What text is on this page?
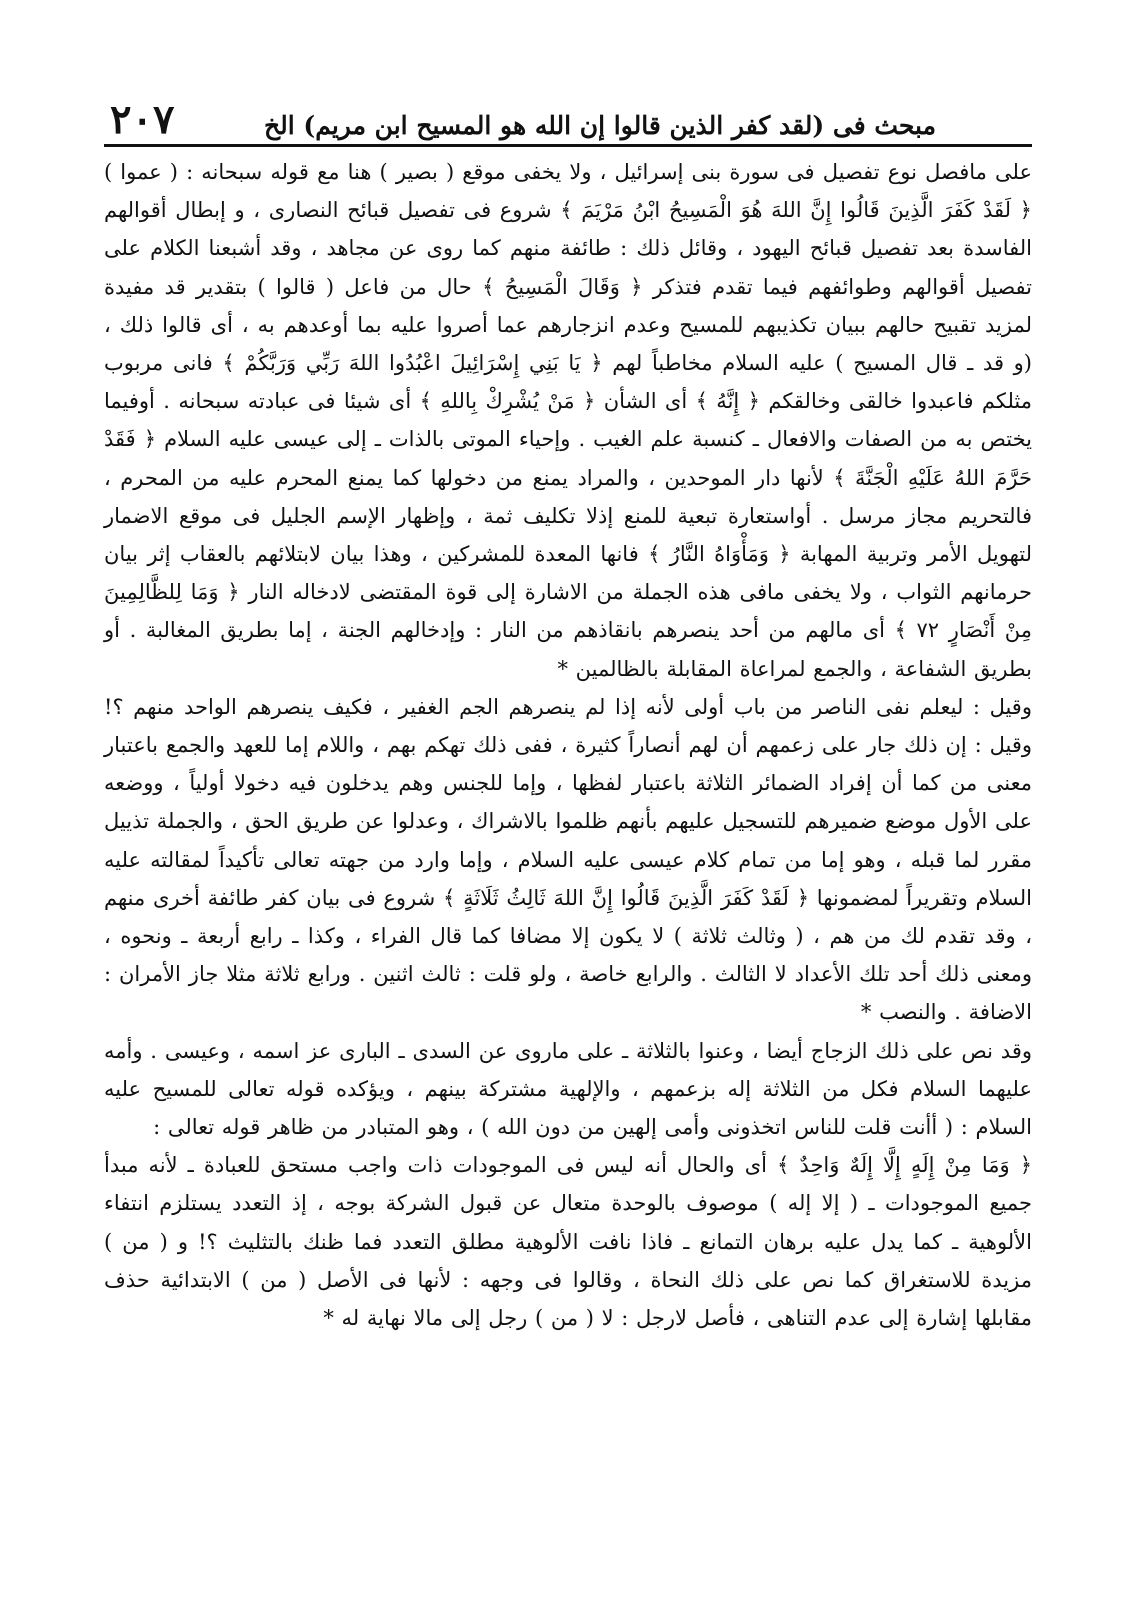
مبحث فى (لقد كفر الذين قالوا إن الله هو المسيح ابن مريم) الخ
٢٠٧

على مافصل نوع تفصيل فى سورة بنى إسرائيل ، ولا يخفى موقع ( بصير ) هنا مع قوله سبحانه : ( عموا ) ﴿ لَقَدْ كَفَرَ الَّذِينَ قَالُوا إِنَّ اللهَ هُوَ الْمَسِيحُ ابْنُ مَرْيَمَ ﴾ شروع فى تفصيل قبائح النصارى ، و إبطال أقوالهم الفاسدة بعد تفصيل قبائح اليهود ، وقائل ذلك : طائفة منهم كما روى عن مجاهد ، وقد أشبعنا الكلام على تفصيل أقوالهم وطوائفهم فيما تقدم فتذكر ﴿ وَقَالَ الْمَسِيحُ ﴾ حال من فاعل ( قالوا ) بتقدير قد مفيدة لمزيد تقبيح حالهم ببيان تكذيبهم للمسيح وعدم انزجارهم عما أصروا عليه بما أوعدهم به ، أى قالوا ذلك ، (و قد ـ قال المسيح ) عليه السلام مخاطباً لهم ﴿ يَا بَنِي إِسْرَائِيلَ اعْبُدُوا اللهَ رَبِّي وَرَبَّكُمْ ﴾ فانى مربوب مثلكم فاعبدوا خالقى وخالقكم ﴿ إِنَّهُ ﴾ أى الشأن ﴿ مَنْ يُشْرِكْ بِاللهِ ﴾ أى شيئا فى عبادته سبحانه . أوفيما يختص به من الصفات والافعال ـ كنسبة علم الغيب . وإحياء الموتى بالذات ـ إلى عيسى عليه السلام ﴿ فَقَدْ حَرَّمَ اللهُ عَلَيْهِ الْجَنَّةَ ﴾ لأنها دار الموحدين ، والمراد يمنع من دخولها كما يمنع المحرم عليه من المحرم ، فالتحريم مجاز مرسل . أواستعارة تبعية للمنع إذلا تكليف ثمة ، وإظهار الإسم الجليل فى موقع الاضمار لتهويل الأمر وتربية المهابة ﴿ وَمَأْوَاهُ النَّارُ ﴾ فانها المعدة للمشركين ، وهذا بيان لابتلائهم بالعقاب إثر بيان حرمانهم الثواب ، ولا يخفى مافى هذه الجملة من الاشارة إلى قوة المقتضى لادخاله النار ﴿ وَمَا لِلظَّالِمِينَ مِنْ أَنْصَارٍ ٧٢ ﴾ أى مالهم من أحد ينصرهم بانقاذهم من النار : وإدخالهم الجنة ، إما بطريق المغالبة . أو بطريق الشفاعة ، والجمع لمراعاة المقابلة بالظالمين *

وقيل : ليعلم نفى الناصر من باب أولى لأنه إذا لم ينصرهم الجم الغفير ، فكيف ينصرهم الواحد منهم ؟! وقيل : إن ذلك جار على زعمهم أن لهم أنصاراً كثيرة ، ففى ذلك تهكم بهم ، واللام إما للعهد والجمع باعتبار معنى من كما أن إفراد الضمائر الثلاثة باعتبار لفظها ، وإما للجنس وهم يدخلون فيه دخولا أولياً ، ووضعه على الأول موضع ضميرهم للتسجيل عليهم بأنهم ظلموا بالاشراك ، وعدلوا عن طريق الحق ، والجملة تذييل مقرر لما قبله ، وهو إما من تمام كلام عيسى عليه السلام ، وإما وارد من جهته تعالى تأكيداً لمقالته عليه السلام وتقريراً لمضمونها ﴿ لَقَدْ كَفَرَ الَّذِينَ قَالُوا إِنَّ اللهَ ثَالِثُ ثَلَاثَةٍ ﴾ شروع فى بيان كفر طائفة أخرى منهم ، وقد تقدم لك من هم ، ( وثالث ثلاثة ) لا يكون إلا مضافا كما قال الفراء ، وكذا ـ رابع أربعة ـ ونحوه ، ومعنى ذلك أحد تلك الأعداد لا الثالث . والرابع خاصة ، ولو قلت : ثالث اثنين . ورابع ثلاثة مثلا جاز الأمران : الاضافة . والنصب *

وقد نص على ذلك الزجاج أيضا ، وعنوا بالثلاثة ـ على ماروى عن السدى ـ البارى عز اسمه ، وعيسى . وأمه عليهما السلام فكل من الثلاثة إله بزعمهم ، والإلهية مشتركة بينهم ، ويؤكده قوله تعالى للمسيح عليه السلام : ( أأنت قلت للناس اتخذونى وأمى إلهين من دون الله ) ، وهو المتبادر من ظاهر قوله تعالى :

﴿ وَمَا مِنْ إِلَهٍ إِلَّا إِلَهٌ وَاحِدٌ ﴾ أى والحال أنه ليس فى الموجودات ذات واجب مستحق للعبادة ـ لأنه مبدأ جميع الموجودات ـ ( إلا إله ) موصوف بالوحدة متعال عن قبول الشركة بوجه ، إذ التعدد يستلزم انتفاء الألوهية ـ كما يدل عليه برهان التمانع ـ فاذا نافت الألوهية مطلق التعدد فما ظنك بالتثليث ؟! و ( من ) مزيدة للاستغراق كما نص على ذلك النحاة ، وقالوا فى وجهه : لأنها فى الأصل ( من ) الابتدائية حذف مقابلها إشارة إلى عدم التناهى ، فأصل لارجل : لا ( من ) رجل إلى مالا نهاية له *
